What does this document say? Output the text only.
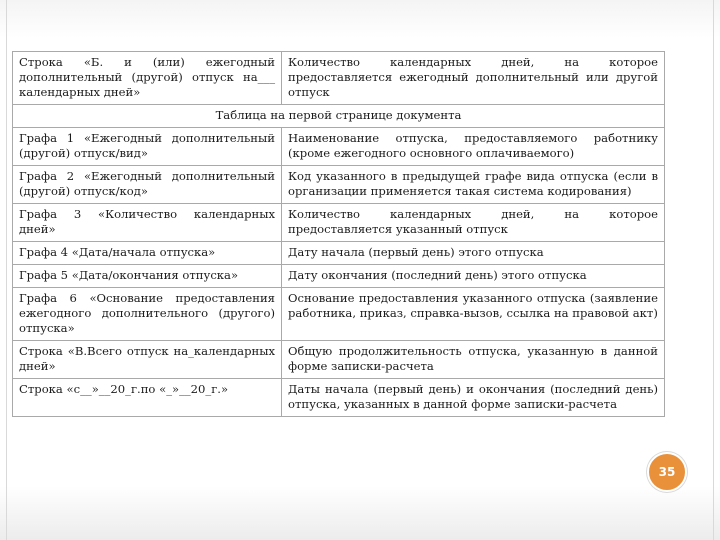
Строка «Б. и (или) ежегодный дополнительный (другой) отпуск на___ календарных дней»	Количество календарных дней, на которое предоставляется ежегодный дополнительный или другой отпуск
Таблица на первой странице документа	
Графа 1 «Ежегодный дополнительный (другой) отпуск/вид»	Наименование отпуска, предоставляемого работнику (кроме ежегодного основного оплачиваемого)
Графа 2 «Ежегодный дополнительный (другой) отпуск/код»	Код указанного в предыдущей графе вида отпуска (если в организации применяется такая система кодирования)
Графа 3 «Количество календарных дней»	Количество календарных дней, на которое предоставляется указанный отпуск
Графа 4 «Дата/начала отпуска»	Дату начала (первый день) этого отпуска
Графа 5 «Дата/окончания отпуска»	Дату окончания (последний день) этого отпуска
Графа 6 «Основание предоставления ежегодного дополнительного (другого) отпуска»	Основание предоставления указанного отпуска (заявление работника, приказ, справка-вызов, ссылка на правовой акт)
Строка «В.Всего отпуск на_календарных дней»	Общую продолжительность отпуска, указанную в данной форме записки-расчета
Строка «с__»__20_г.по «_»__20_г.»	Даты начала (первый день) и окончания (последний день) отпуска, указанных в данной форме записки-расчета
35
